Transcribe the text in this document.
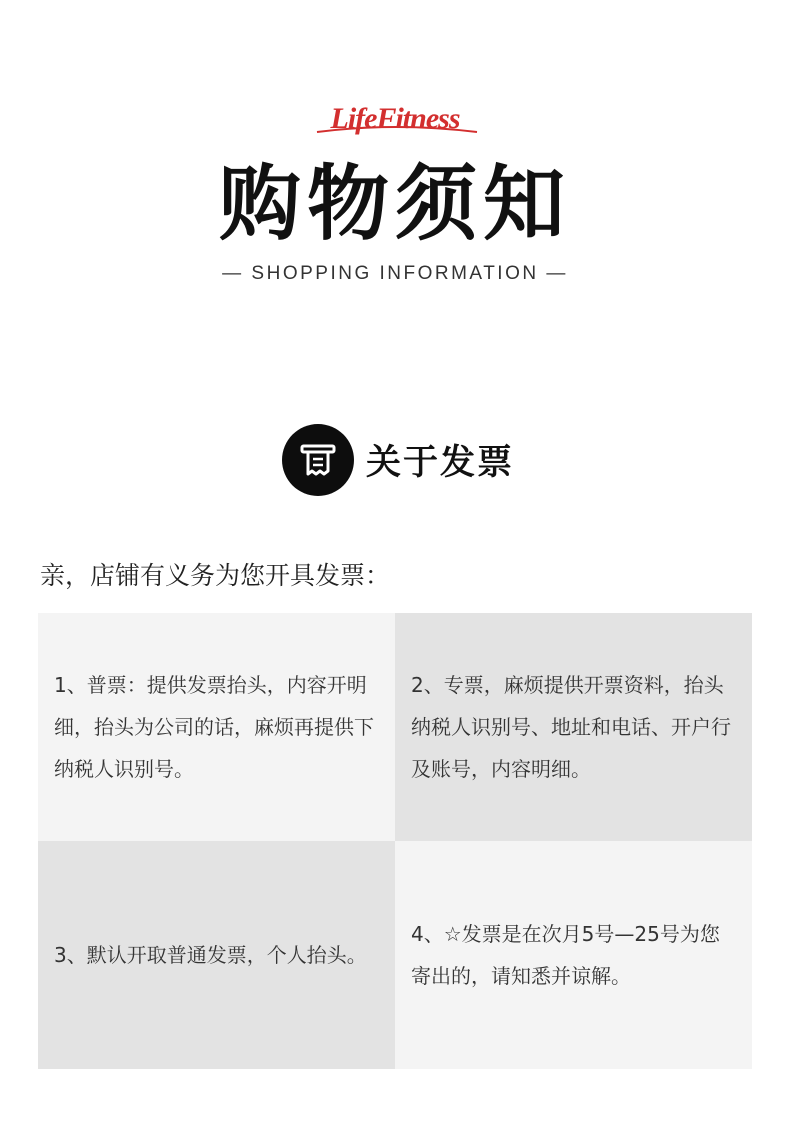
LifeFitness
购物须知
— SHOPPING INFORMATION —
关于发票
亲，店铺有义务为您开具发票：
1、普票：提供发票抬头，内容开明细，抬头为公司的话，麻烦再提供下纳税人识别号。
2、专票，麻烦提供开票资料，抬头纳税人识别号、地址和电话、开户行及账号，内容明细。
3、默认开取普通发票，个人抬头。
4、☆发票是在次月5号—25号为您寄出的，请知悉并谅解。
